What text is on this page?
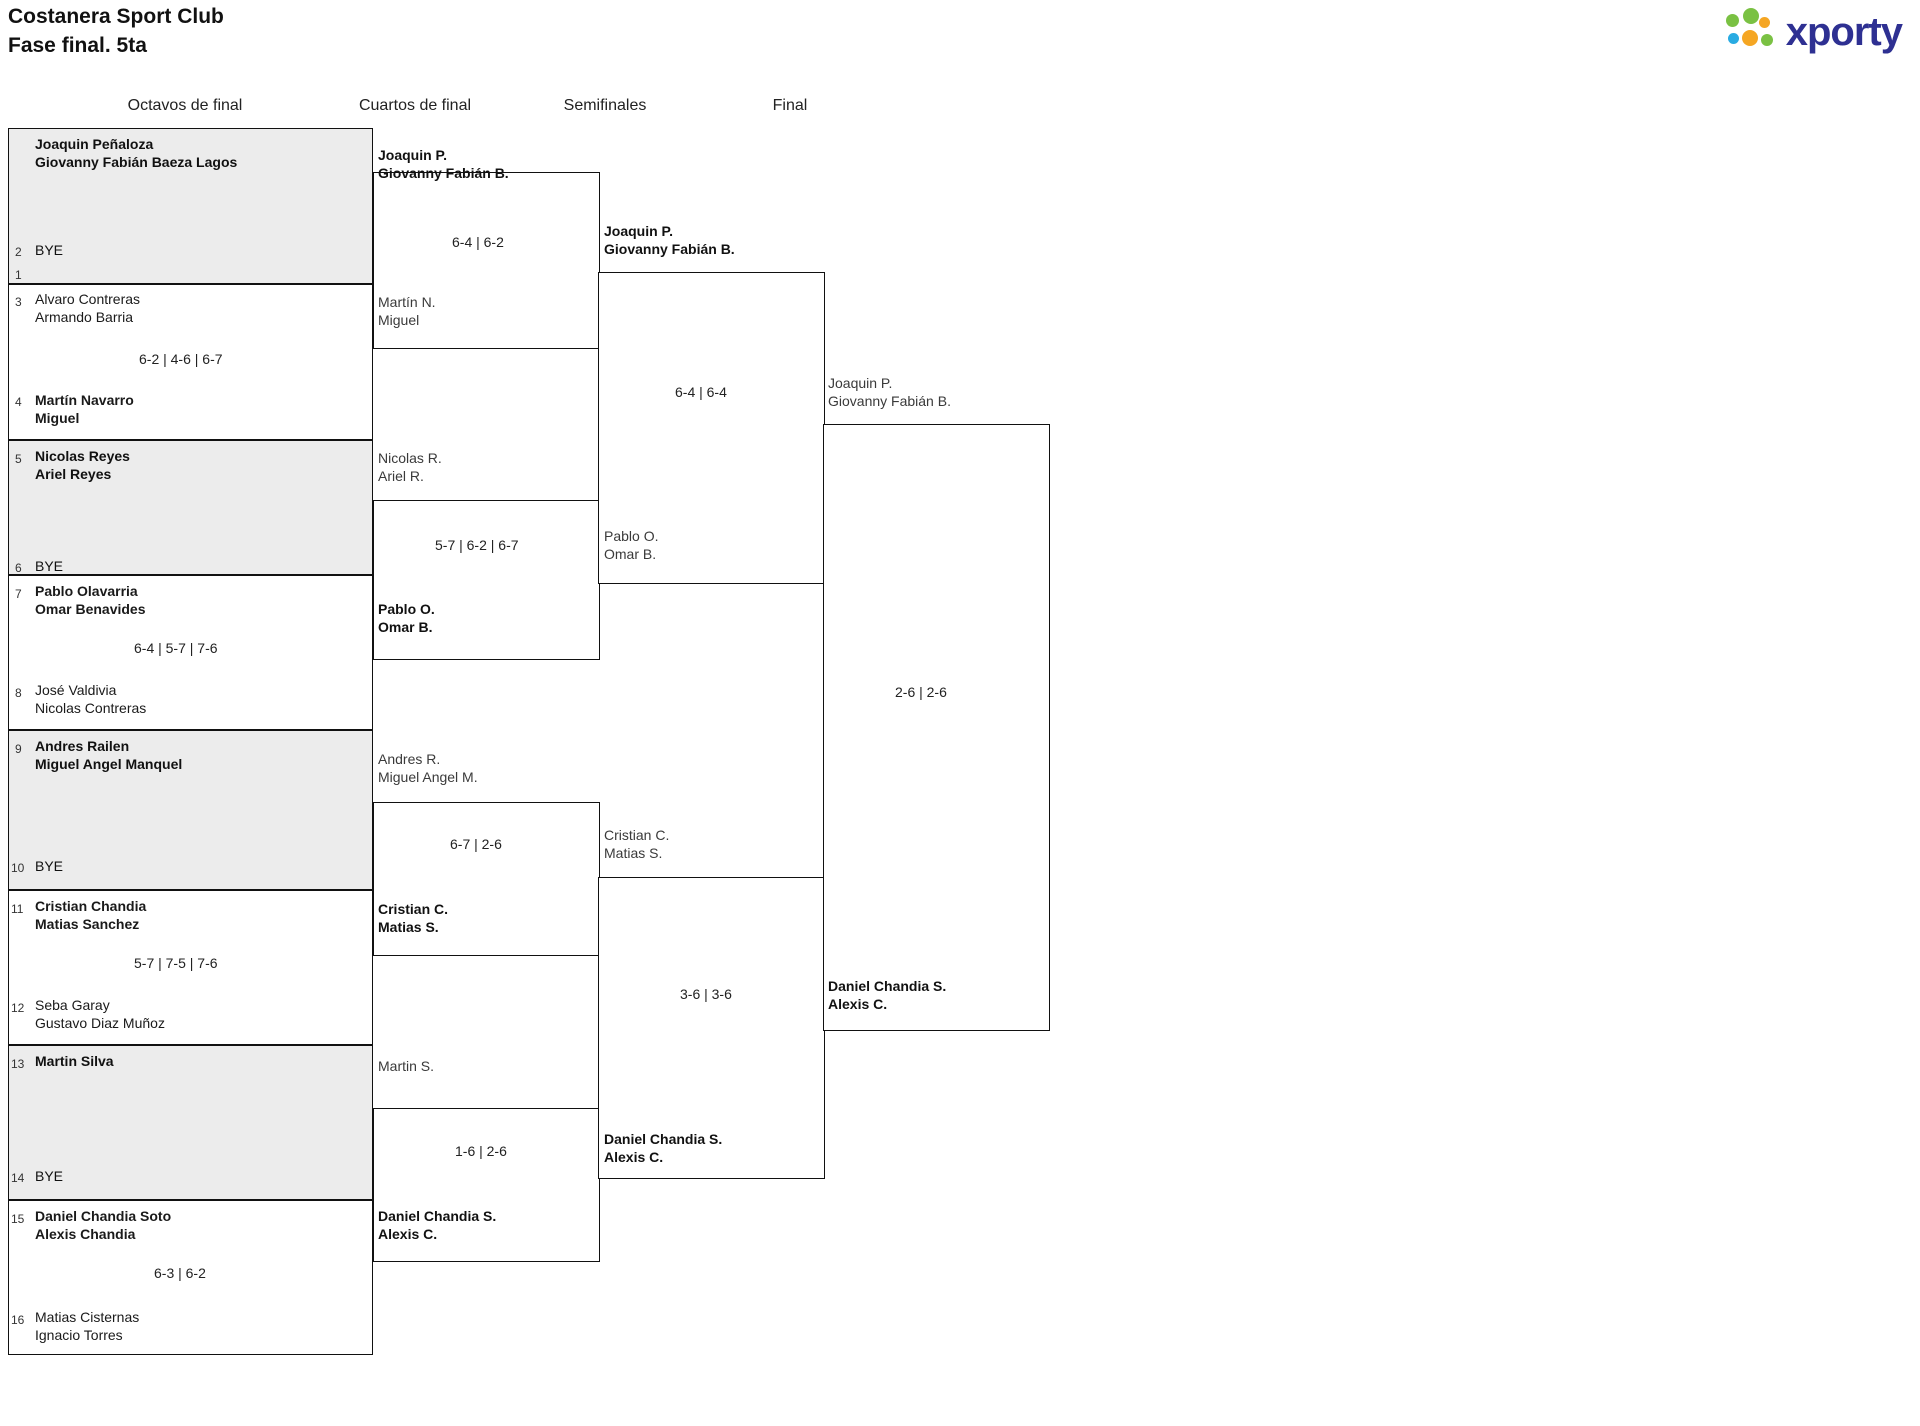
Costanera Sport Club
Fase final. 5ta	xporty
Octavos de final	Cuartos de final	Semifinales	Final
1
Joaquin Peñaloza
Giovanny Fabián Baeza Lagos
2 BYE
3 Alvaro Contreras
Armando Barria
6-2 | 4-6 | 6-7
4 Martín Navarro
Miguel
5 Nicolas Reyes
Ariel Reyes
6 BYE
7 Pablo Olavarria
Omar Benavides
6-4 | 5-7 | 7-6
8 José Valdivia
Nicolas Contreras
9 Andres Railen
Miguel Angel Manquel
10 BYE
11 Cristian Chandia
Matias Sanchez
5-7 | 7-5 | 7-6
12 Seba Garay
Gustavo Diaz Muñoz
13 Martin Silva
14 BYE
15 Daniel Chandia Soto
Alexis Chandia
6-3 | 6-2
16 Matias Cisternas
Ignacio Torres
Joaquin P.
Giovanny Fabián B.
6-4 | 6-2
Martín N.
Miguel
Nicolas R.
Ariel R.
5-7 | 6-2 | 6-7
Pablo O.
Omar B.
Andres R.
Miguel Angel M.
6-7 | 2-6
Cristian C.
Matias S.
Martin S.
1-6 | 2-6
Daniel Chandia S.
Alexis C.
Joaquin P.
Giovanny Fabián B.
6-4 | 6-4
Pablo O.
Omar B.
Cristian C.
Matias S.
3-6 | 3-6
Daniel Chandia S.
Alexis C.
Joaquin P.
Giovanny Fabián B.
2-6 | 2-6
Daniel Chandia S.
Alexis C.
